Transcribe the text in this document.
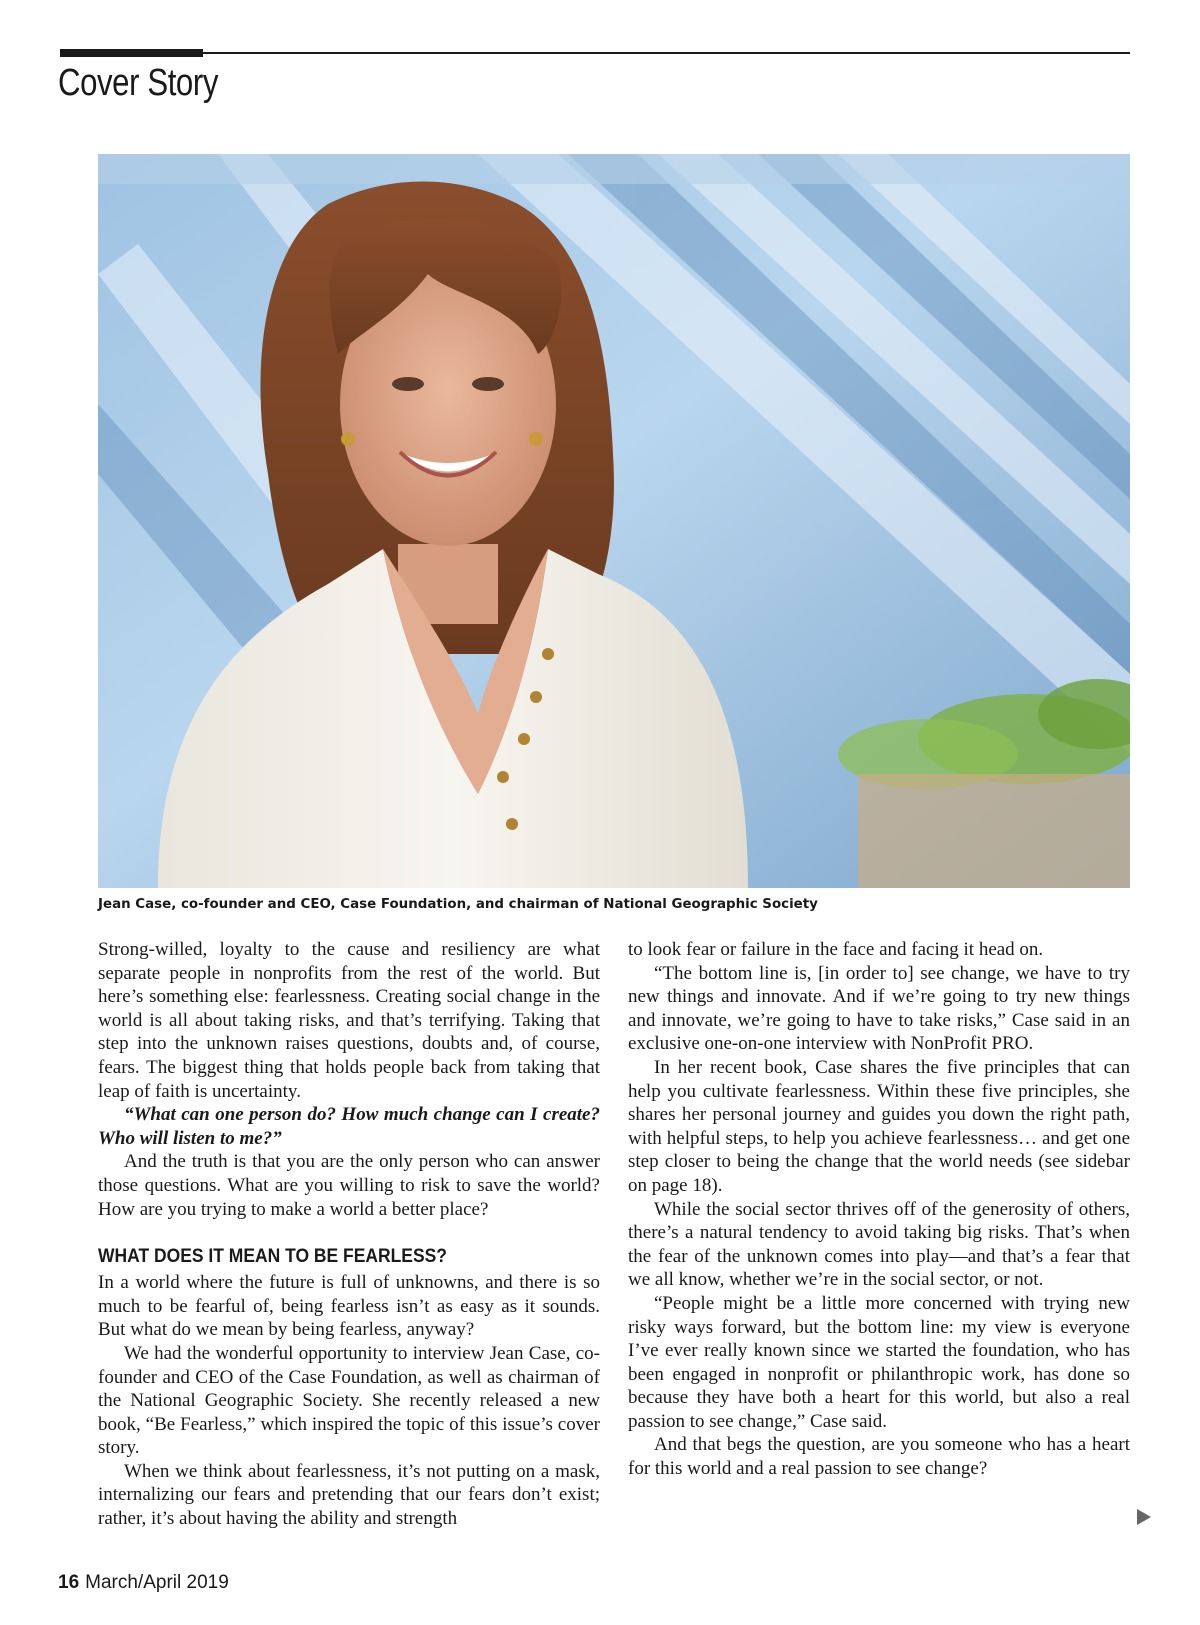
Cover Story
Jean Case, co-founder and CEO, Case Foundation, and chairman of National Geographic Society

Strong-willed, loyalty to the cause and resiliency are what separate people in nonprofits from the rest of the world. But here’s something else: fearlessness. Creating social change in the world is all about taking risks, and that’s terrifying. Taking that step into the unknown raises questions, doubts and, of course, fears. The biggest thing that holds people back from taking that leap of faith is uncertainty.

“What can one person do? How much change can I create? Who will listen to me?”

And the truth is that you are the only person who can answer those questions. What are you willing to risk to save the world? How are you trying to make a world a better place?

WHAT DOES IT MEAN TO BE FEARLESS?

In a world where the future is full of unknowns, and there is so much to be fearful of, being fearless isn’t as easy as it sounds. But what do we mean by being fearless, anyway?

We had the wonderful opportunity to interview Jean Case, co-founder and CEO of the Case Foundation, as well as chairman of the National Geographic Society. She recently released a new book, “Be Fearless,” which inspired the topic of this issue’s cover story.

When we think about fearlessness, it’s not putting on a mask, internalizing our fears and pretending that our fears don’t exist; rather, it’s about having the ability and strength

to look fear or failure in the face and facing it head on.

“The bottom line is, [in order to] see change, we have to try new things and innovate. And if we’re going to try new things and innovate, we’re going to have to take risks,” Case said in an exclusive one-on-one interview with NonProfit PRO.

In her recent book, Case shares the five principles that can help you cultivate fearlessness. Within these five principles, she shares her personal journey and guides you down the right path, with helpful steps, to help you achieve fearlessness… and get one step closer to being the change that the world needs (see sidebar on page 18).

While the social sector thrives off of the generosity of others, there’s a natural tendency to avoid taking big risks. That’s when the fear of the unknown comes into play—and that’s a fear that we all know, whether we’re in the social sector, or not.

“People might be a little more concerned with trying new risky ways forward, but the bottom line: my view is everyone I’ve ever really known since we started the foundation, who has been engaged in nonprofit or philanthropic work, has done so because they have both a heart for this world, but also a real passion to see change,” Case said.

And that begs the question, are you someone who has a heart for this world and a real passion to see change?

16 March/April 2019
